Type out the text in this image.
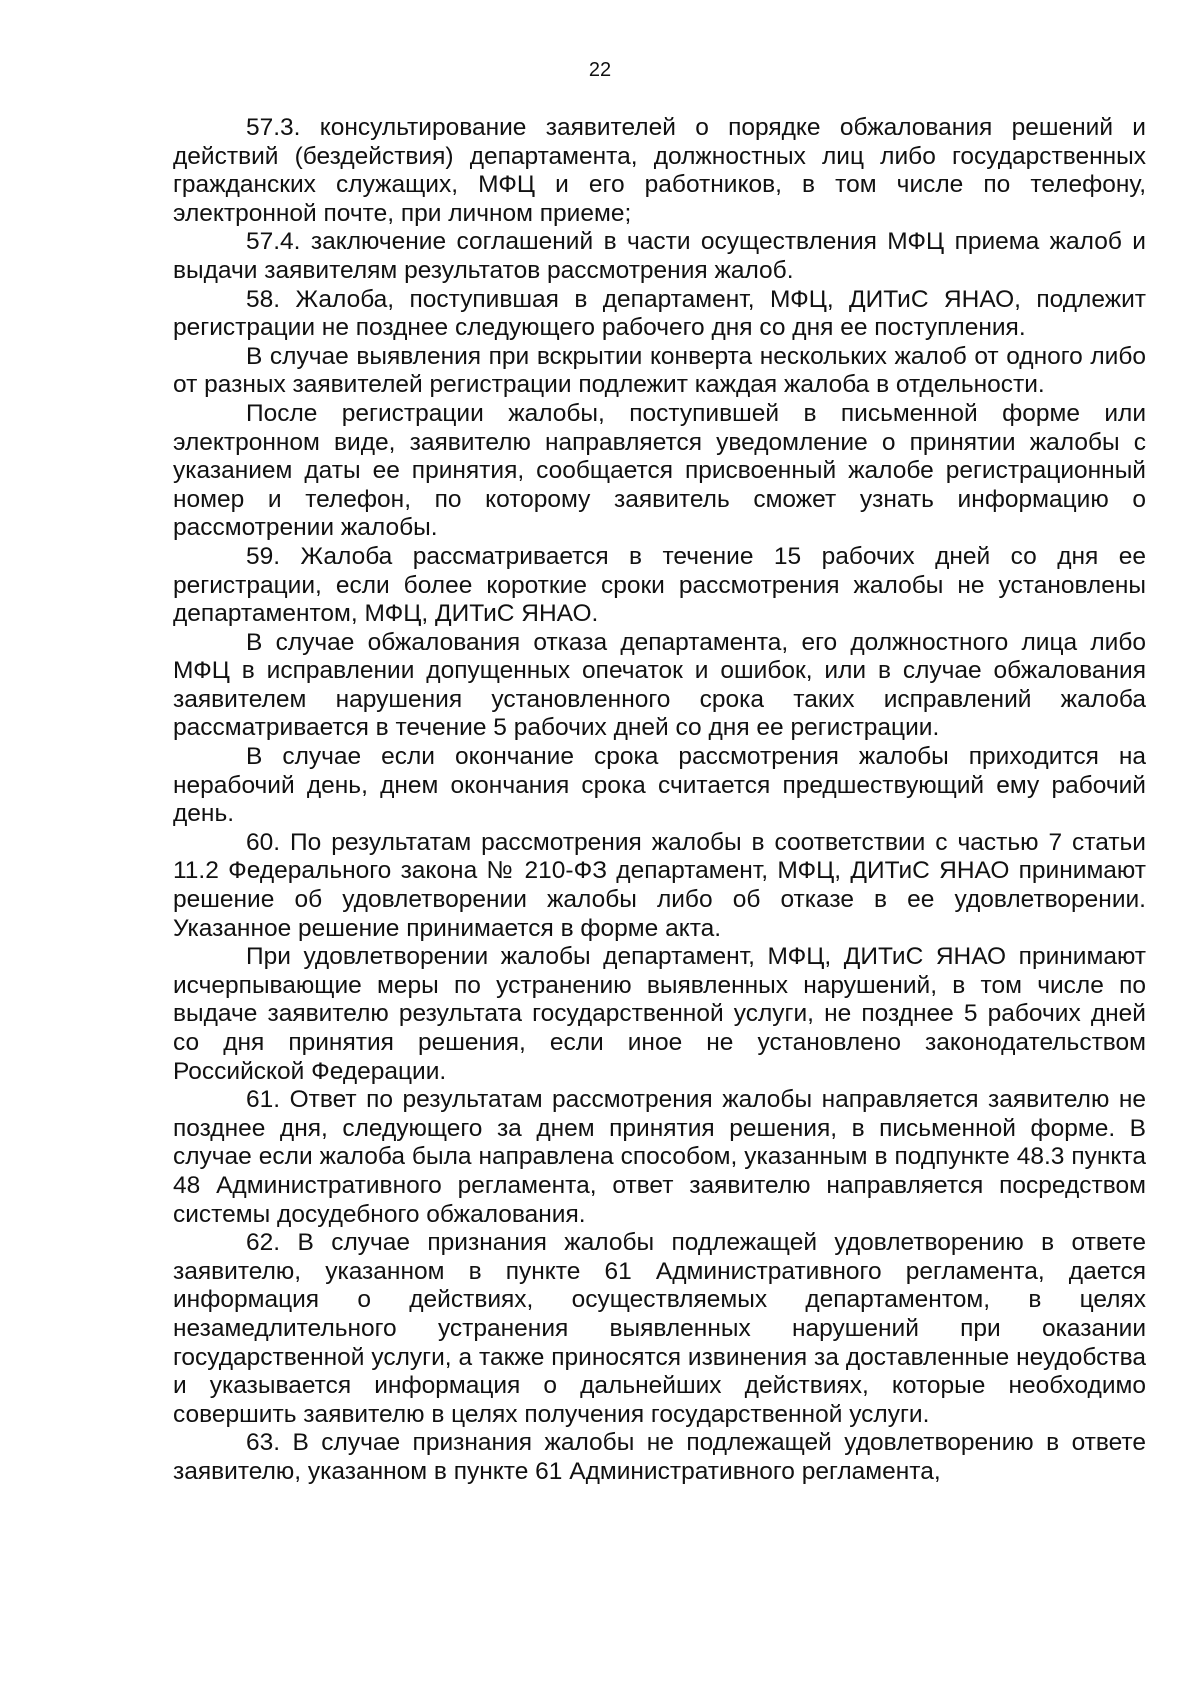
22

57.3. консультирование заявителей о порядке обжалования решений и действий (бездействия) департамента, должностных лиц либо государственных гражданских служащих, МФЦ и его работников, в том числе по телефону, электронной почте, при личном приеме;

57.4. заключение соглашений в части осуществления МФЦ приема жалоб и выдачи заявителям результатов рассмотрения жалоб.

58. Жалоба, поступившая в департамент, МФЦ, ДИТиС ЯНАО, подлежит регистрации не позднее следующего рабочего дня со дня ее поступления.

В случае выявления при вскрытии конверта нескольких жалоб от одного либо от разных заявителей регистрации подлежит каждая жалоба в отдельности.

После регистрации жалобы, поступившей в письменной форме или электронном виде, заявителю направляется уведомление о принятии жалобы с указанием даты ее принятия, сообщается присвоенный жалобе регистрационный номер и телефон, по которому заявитель сможет узнать информацию о рассмотрении жалобы.

59. Жалоба рассматривается в течение 15 рабочих дней со дня ее регистрации, если более короткие сроки рассмотрения жалобы не установлены департаментом, МФЦ, ДИТиС ЯНАО.

В случае обжалования отказа департамента, его должностного лица либо МФЦ в исправлении допущенных опечаток и ошибок, или в случае обжалования заявителем нарушения установленного срока таких исправлений жалоба рассматривается в течение 5 рабочих дней со дня ее регистрации.

В случае если окончание срока рассмотрения жалобы приходится на нерабочий день, днем окончания срока считается предшествующий ему рабочий день.

60. По результатам рассмотрения жалобы в соответствии с частью 7 статьи 11.2 Федерального закона № 210-ФЗ департамент, МФЦ, ДИТиС ЯНАО принимают решение об удовлетворении жалобы либо об отказе в ее удовлетворении. Указанное решение принимается в форме акта.

При удовлетворении жалобы департамент, МФЦ, ДИТиС ЯНАО принимают исчерпывающие меры по устранению выявленных нарушений, в том числе по выдаче заявителю результата государственной услуги, не позднее 5 рабочих дней со дня принятия решения, если иное не установлено законодательством Российской Федерации.

61. Ответ по результатам рассмотрения жалобы направляется заявителю не позднее дня, следующего за днем принятия решения, в письменной форме. В случае если жалоба была направлена способом, указанным в подпункте 48.3 пункта 48 Административного регламента, ответ заявителю направляется посредством системы досудебного обжалования.

62. В случае признания жалобы подлежащей удовлетворению в ответе заявителю, указанном в пункте 61 Административного регламента, дается информация о действиях, осуществляемых департаментом, в целях незамедлительного устранения выявленных нарушений при оказании государственной услуги, а также приносятся извинения за доставленные неудобства и указывается информация о дальнейших действиях, которые необходимо совершить заявителю в целях получения государственной услуги.

63. В случае признания жалобы не подлежащей удовлетворению в ответе заявителю, указанном в пункте 61 Административного регламента,
